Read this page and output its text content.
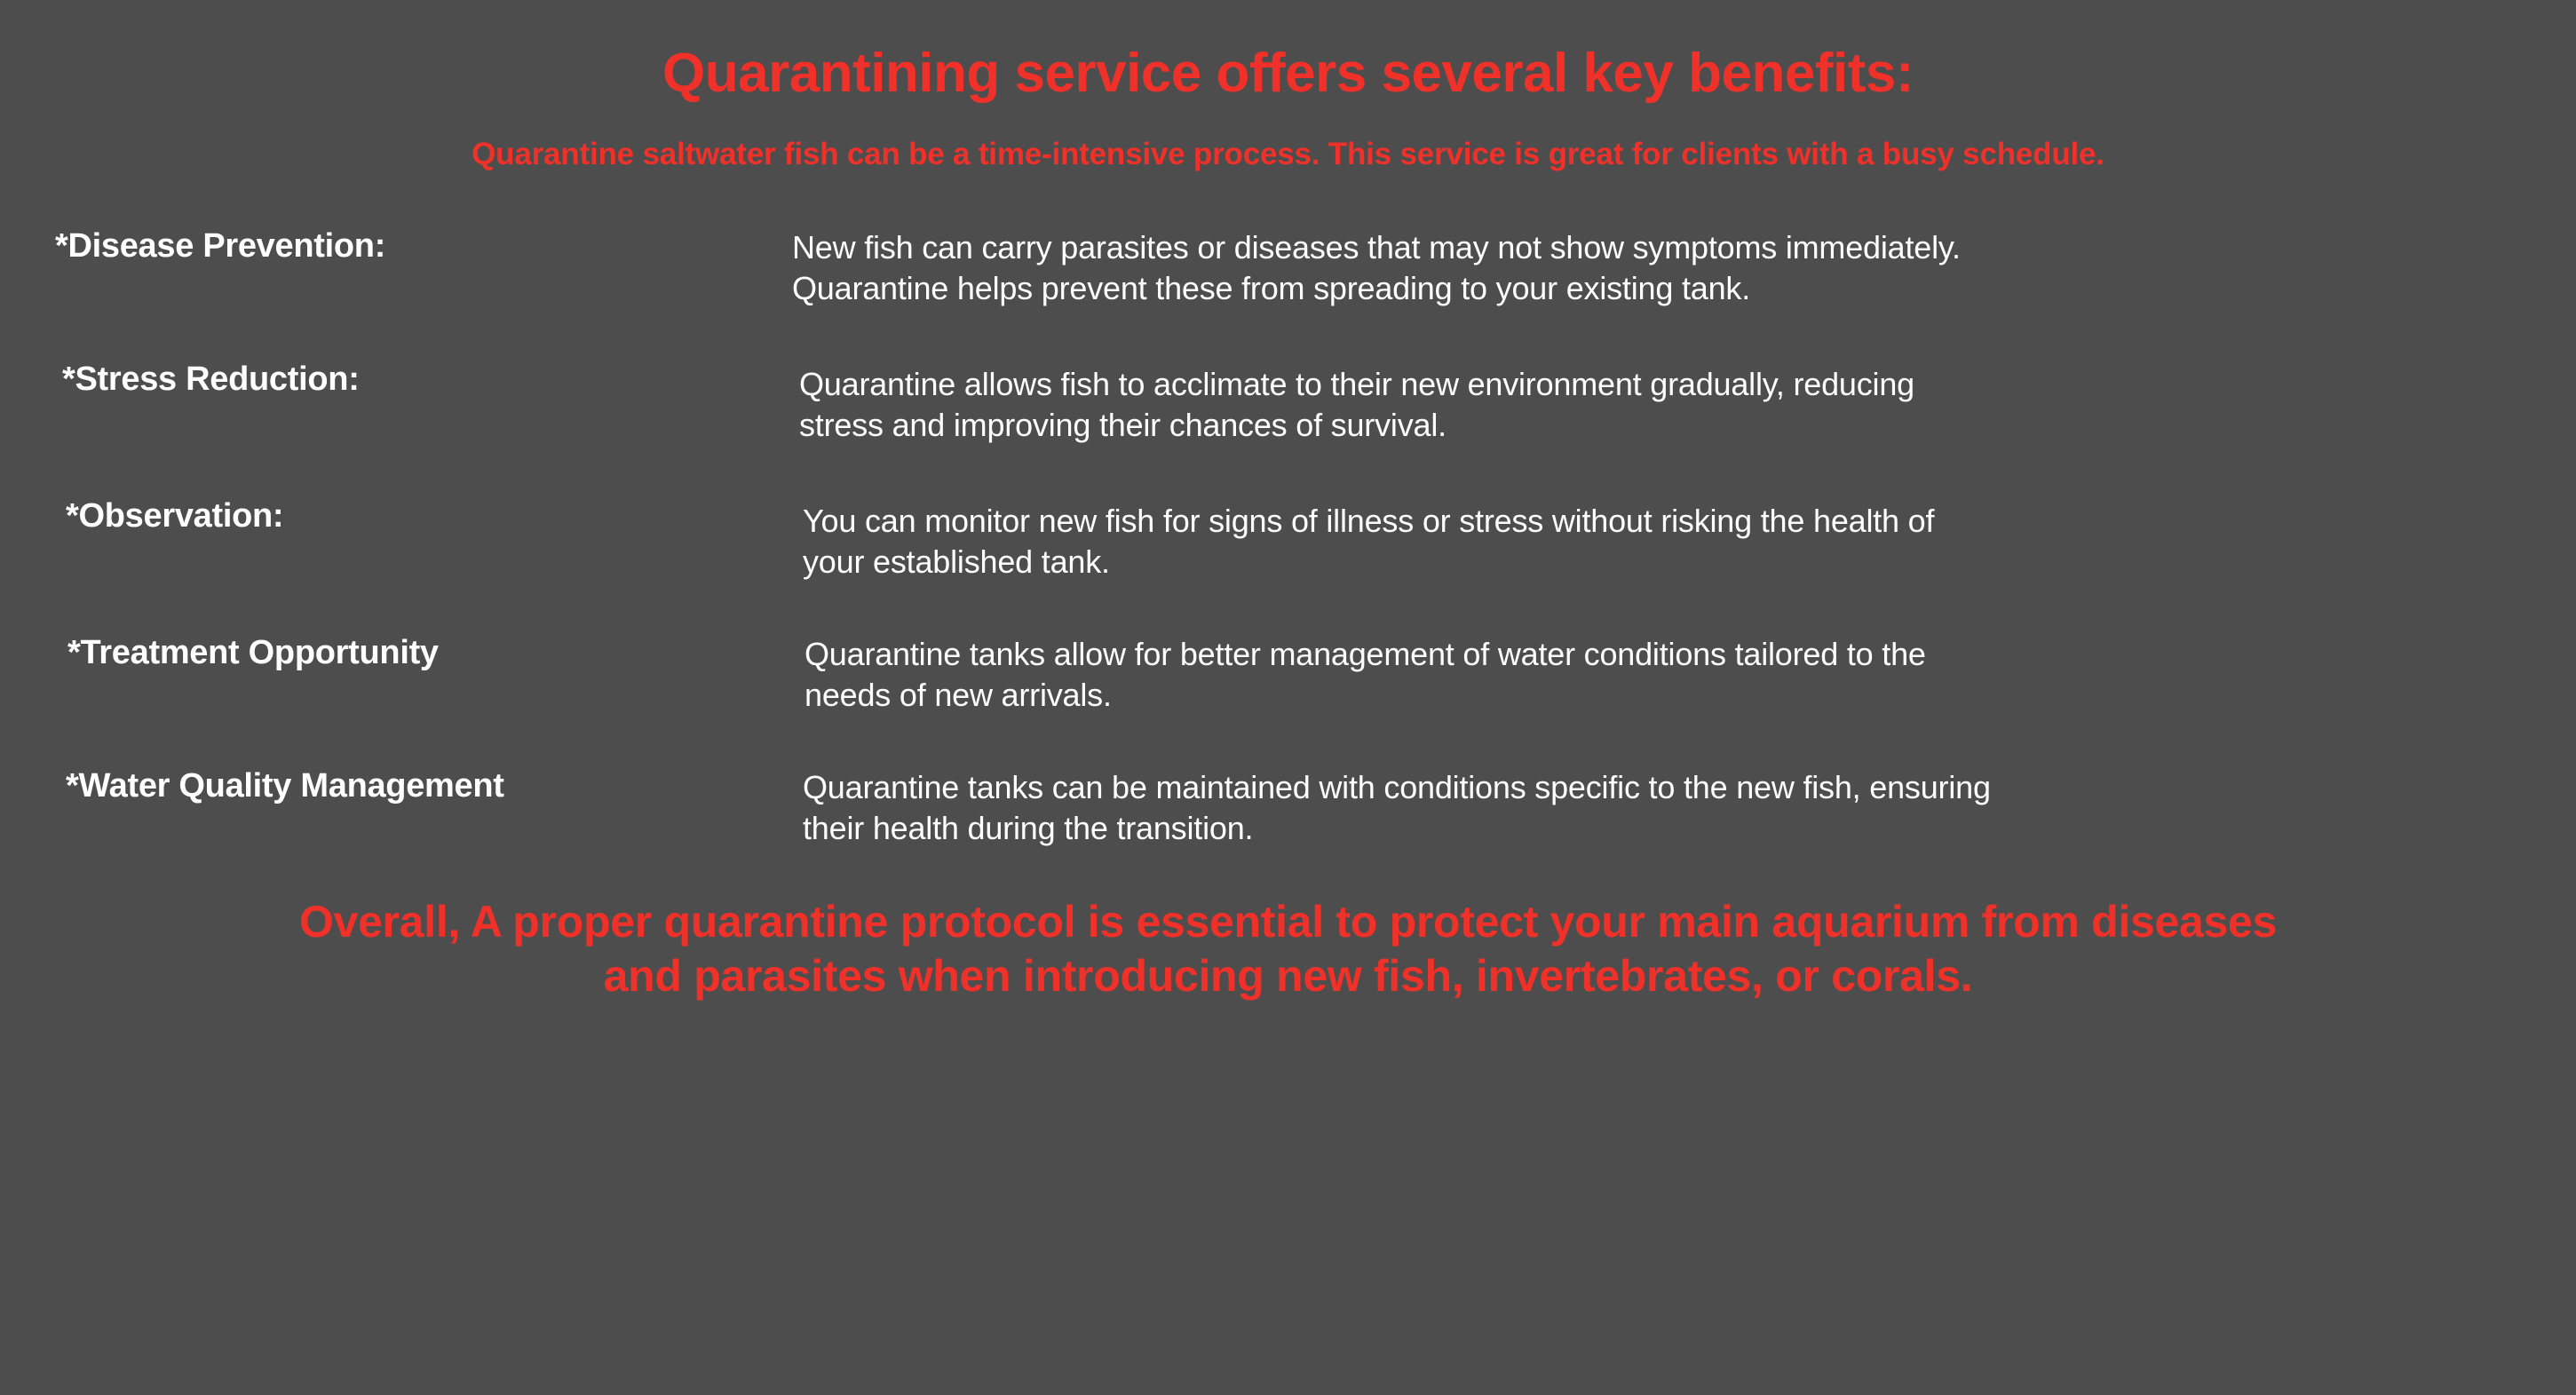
Quarantining service offers several key benefits:
Quarantine saltwater fish can be a time-intensive process. This service is great for clients with a busy schedule.
*Disease Prevention:	New fish can carry parasites or diseases that may not show symptoms immediately.
Quarantine helps prevent these from spreading to your existing tank.
*Stress Reduction:	Quarantine allows fish to acclimate to their new environment gradually, reducing
stress and improving their chances of survival.
*Observation:	You can monitor new fish for signs of illness or stress without risking the health of
your established tank.
*Treatment Opportunity	Quarantine tanks allow for better management of water conditions tailored to the
needs of new arrivals.
*Water Quality Management	Quarantine tanks can be maintained with conditions specific to the new fish, ensuring
their health during the transition.
Overall, A proper quarantine protocol is essential to protect your main aquarium from diseases
and parasites when introducing new fish, invertebrates, or corals.
